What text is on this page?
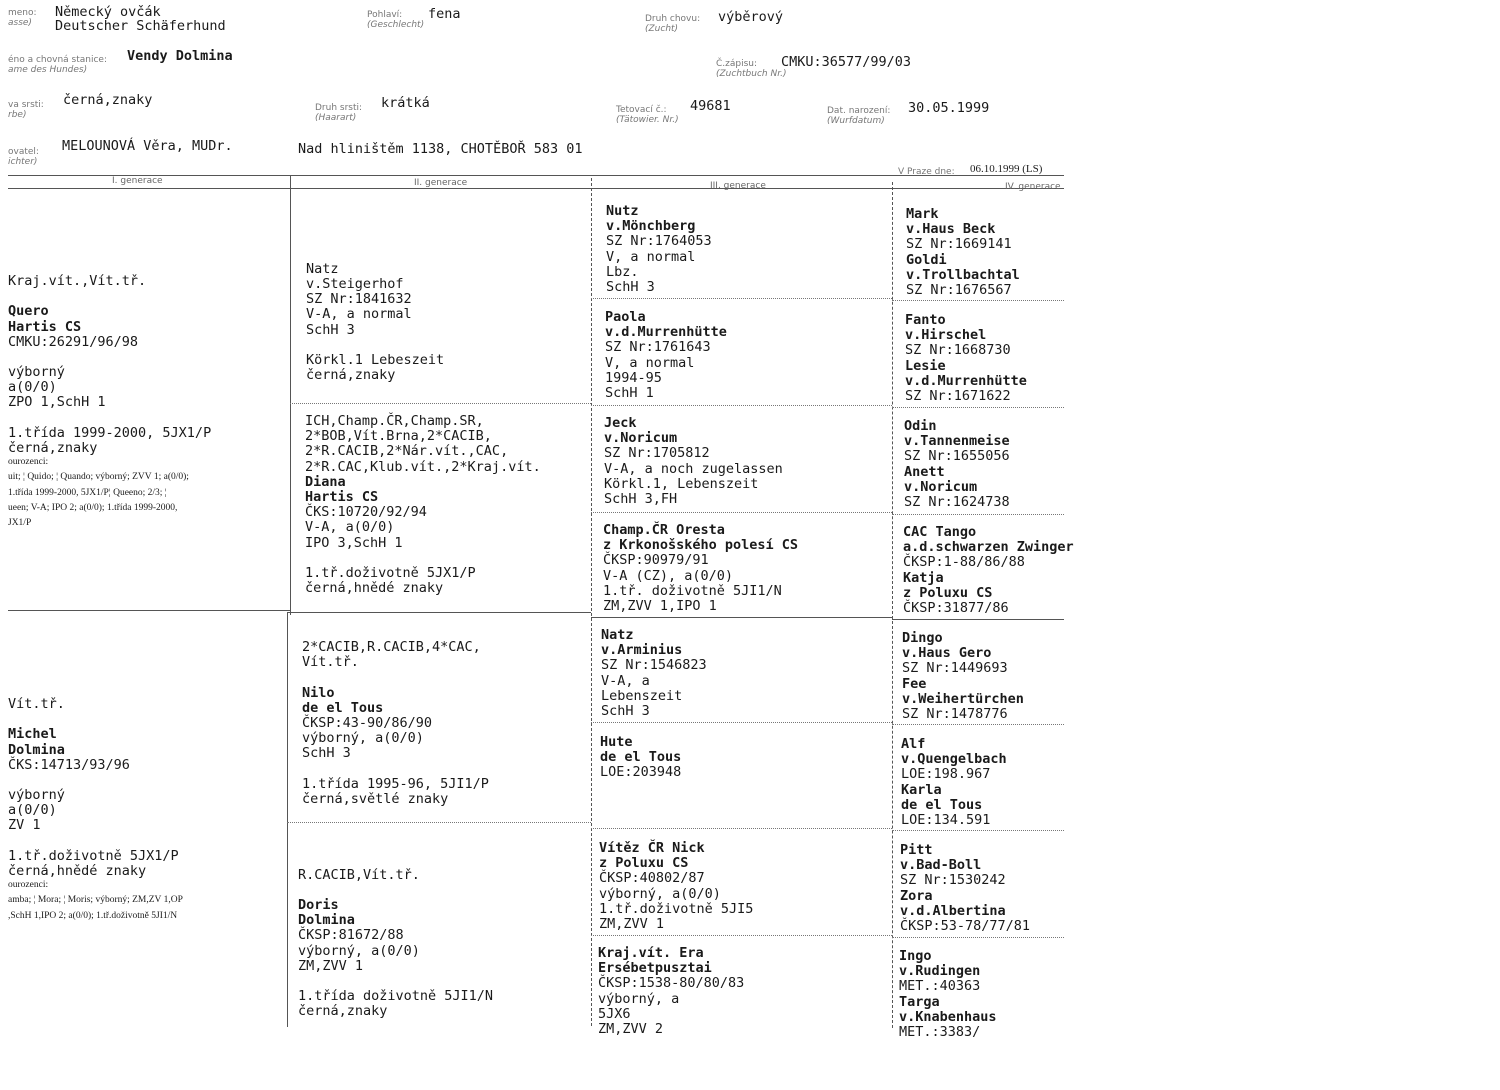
meno:
asse)
Německý ovčák
Deutscher Schäferhund
Pohlaví:
(Geschlecht)
fena	Druh chovu:
(Zucht)
výběrový
éno a chovná stanice:
ame des Hundes)
Vendy Dolmina	Č.zápisu:
(Zuchtbuch Nr.)
CMKU:36577/99/03
va srsti:
rbe)
černá,znaky	Druh srsti:
(Haarart)
krátká	Tetovací č.:
(Tätowier. Nr.)
49681	Dat. narození:
(Wurfdatum)
30.05.1999
ovatel:
ichter)
MELOUNOVÁ Věra, MUDr.	Nad hliništěm 1138, CHOTĚBOŘ 583 01
V Praze dne: 06.10.1999 (LS)
I. generace	II. generace	III. generace	IV. generace
Kraj.vít.,Vít.tř.
Quero
Hartis CS
CMKU:26291/96/98
výborný
a(0/0)
ZPO 1,SchH 1
1.třída 1999-2000, 5JX1/P
černá,znaky
ourozenci:
uit; ¦ Quido; ¦ Quando; výborný; ZVV 1; a(0/0);
1.třída 1999-2000, 5JX1/P¦ Queeno; 2/3; ¦
ueen; V-A; IPO 2; a(0/0); 1.třída 1999-2000,
JX1/P
Vít.tř.
Michel
Dolmina
ČKS:14713/93/96
výborný
a(0/0)
ZV 1
1.tř.doživotně 5JX1/P
černá,hnědé znaky
ourozenci:
amba; ¦ Mora; ¦ Moris; výborný; ZM,ZV 1,OP
,SchH 1,IPO 2; a(0/0); 1.tř.doživotně 5JI1/N
Natz
v.Steigerhof
SZ Nr:1841632
V-A, a normal
SchH 3
Körkl.1 Lebeszeit
černá,znaky
ICH,Champ.ČR,Champ.SR,
2*BOB,Vít.Brna,2*CACIB,
2*R.CACIB,2*Nár.vít.,CAC,
2*R.CAC,Klub.vít.,2*Kraj.vít.
Diana
Hartis CS
ČKS:10720/92/94
V-A, a(0/0)
IPO 3,SchH 1
1.tř.doživotně 5JX1/P
černá,hnědé znaky
2*CACIB,R.CACIB,4*CAC,
Vít.tř.
Nilo
de el Tous
ČKSP:43-90/86/90
výborný, a(0/0)
SchH 3
1.třída 1995-96, 5JI1/P
černá,světlé znaky
R.CACIB,Vít.tř.
Doris
Dolmina
ČKSP:81672/88
výborný, a(0/0)
ZM,ZVV 1
1.třída doživotně 5JI1/N
černá,znaky
Nutz
v.Mönchberg
SZ Nr:1764053
V, a normal
Lbz.
SchH 3
Paola
v.d.Murrenhütte
SZ Nr:1761643
V, a normal
1994-95
SchH 1
Jeck
v.Noricum
SZ Nr:1705812
V-A, a noch zugelassen
Körkl.1, Lebenszeit
SchH 3,FH
Champ.ČR Oresta
z Krkonošského polesí CS
ČKSP:90979/91
V-A (CZ), a(0/0)
1.tř. doživotně 5JI1/N
ZM,ZVV 1,IPO 1
Natz
v.Arminius
SZ Nr:1546823
V-A, a
Lebenszeit
SchH 3
Hute
de el Tous
LOE:203948
Vítěz ČR Nick
z Poluxu CS
ČKSP:40802/87
výborný, a(0/0)
1.tř.doživotně 5JI5
ZM,ZVV 1
Kraj.vít. Era
Ersébetpusztai
ČKSP:1538-80/80/83
výborný, a
5JX6
ZM,ZVV 2
Mark
v.Haus Beck
SZ Nr:1669141
Goldi
v.Trollbachtal
SZ Nr:1676567
Fanto
v.Hirschel
SZ Nr:1668730
Lesie
v.d.Murrenhütte
SZ Nr:1671622
Odin
v.Tannenmeise
SZ Nr:1655056
Anett
v.Noricum
SZ Nr:1624738
CAC Tango
a.d.schwarzen Zwinger
ČKSP:1-88/86/88
Katja
z Poluxu CS
ČKSP:31877/86
Dingo
v.Haus Gero
SZ Nr:1449693
Fee
v.Weihertürchen
SZ Nr:1478776
Alf
v.Quengelbach
LOE:198.967
Karla
de el Tous
LOE:134.591
Pitt
v.Bad-Boll
SZ Nr:1530242
Zora
v.d.Albertina
ČKSP:53-78/77/81
Ingo
v.Rudingen
MET.:40363
Targa
v.Knabenhaus
MET.:3383/
